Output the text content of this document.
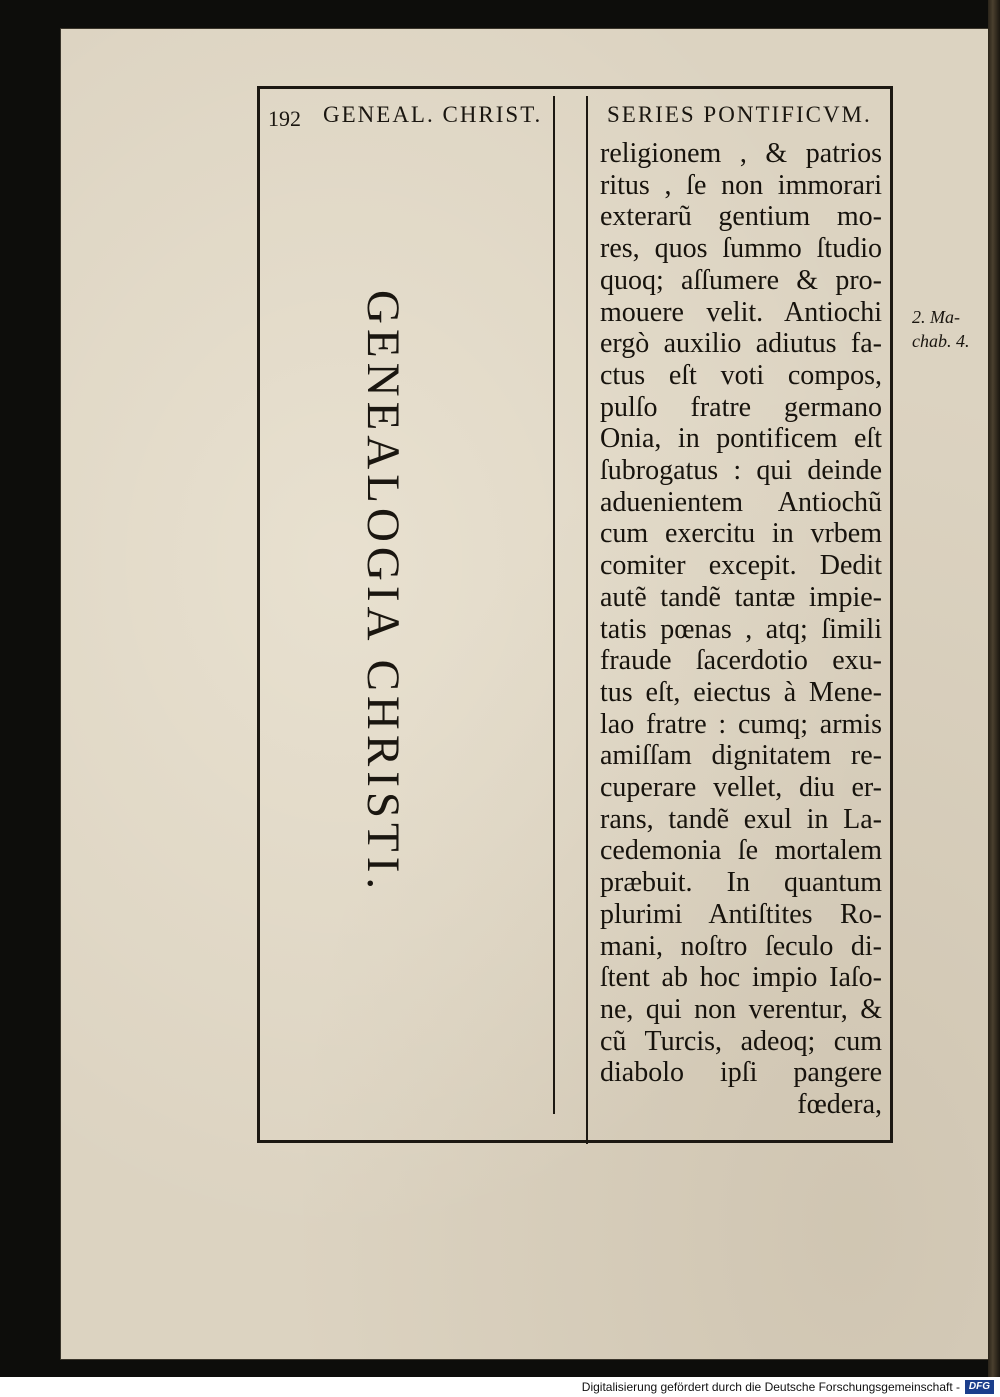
192 GENEAL. CHRIST.	SERIES PONTIFICVM.
GENEALOGIA CHRISTI.
religionem , & patrios
ritus , ſe non immorari
exterarũ gentium mo-
res, quos ſummo ſtudio
quoq; aſſumere & pro-
mouere velit. Antiochi
ergò auxilio adiutus fa-
ctus eſt voti compos,
pulſo fratre germano
Onia, in pontificem eſt
ſubrogatus : qui deinde
aduenientem Antiochũ
cum exercitu in vrbem
comiter excepit. Dedit
autẽ tandẽ tantæ impie-
tatis pœnas , atq; ſimili
fraude ſacerdotio exu-
tus eſt, eiectus à Mene-
lao fratre : cumq; armis
amiſſam dignitatem re-
cuperare vellet, diu er-
rans, tandẽ exul in La-
cedemonia ſe mortalem
præbuit. In quantum
plurimi Antiſtites Ro-
mani, noſtro ſeculo di-
ſtent ab hoc impio Iaſo-
ne, qui non verentur, &
cũ Turcis, adeoq; cum
diabolo ipſi pangere
fœdera,
2. Ma-
chab. 4.
Digitalisierung gefördert durch die Deutsche Forschungsgemeinschaft - DFG
